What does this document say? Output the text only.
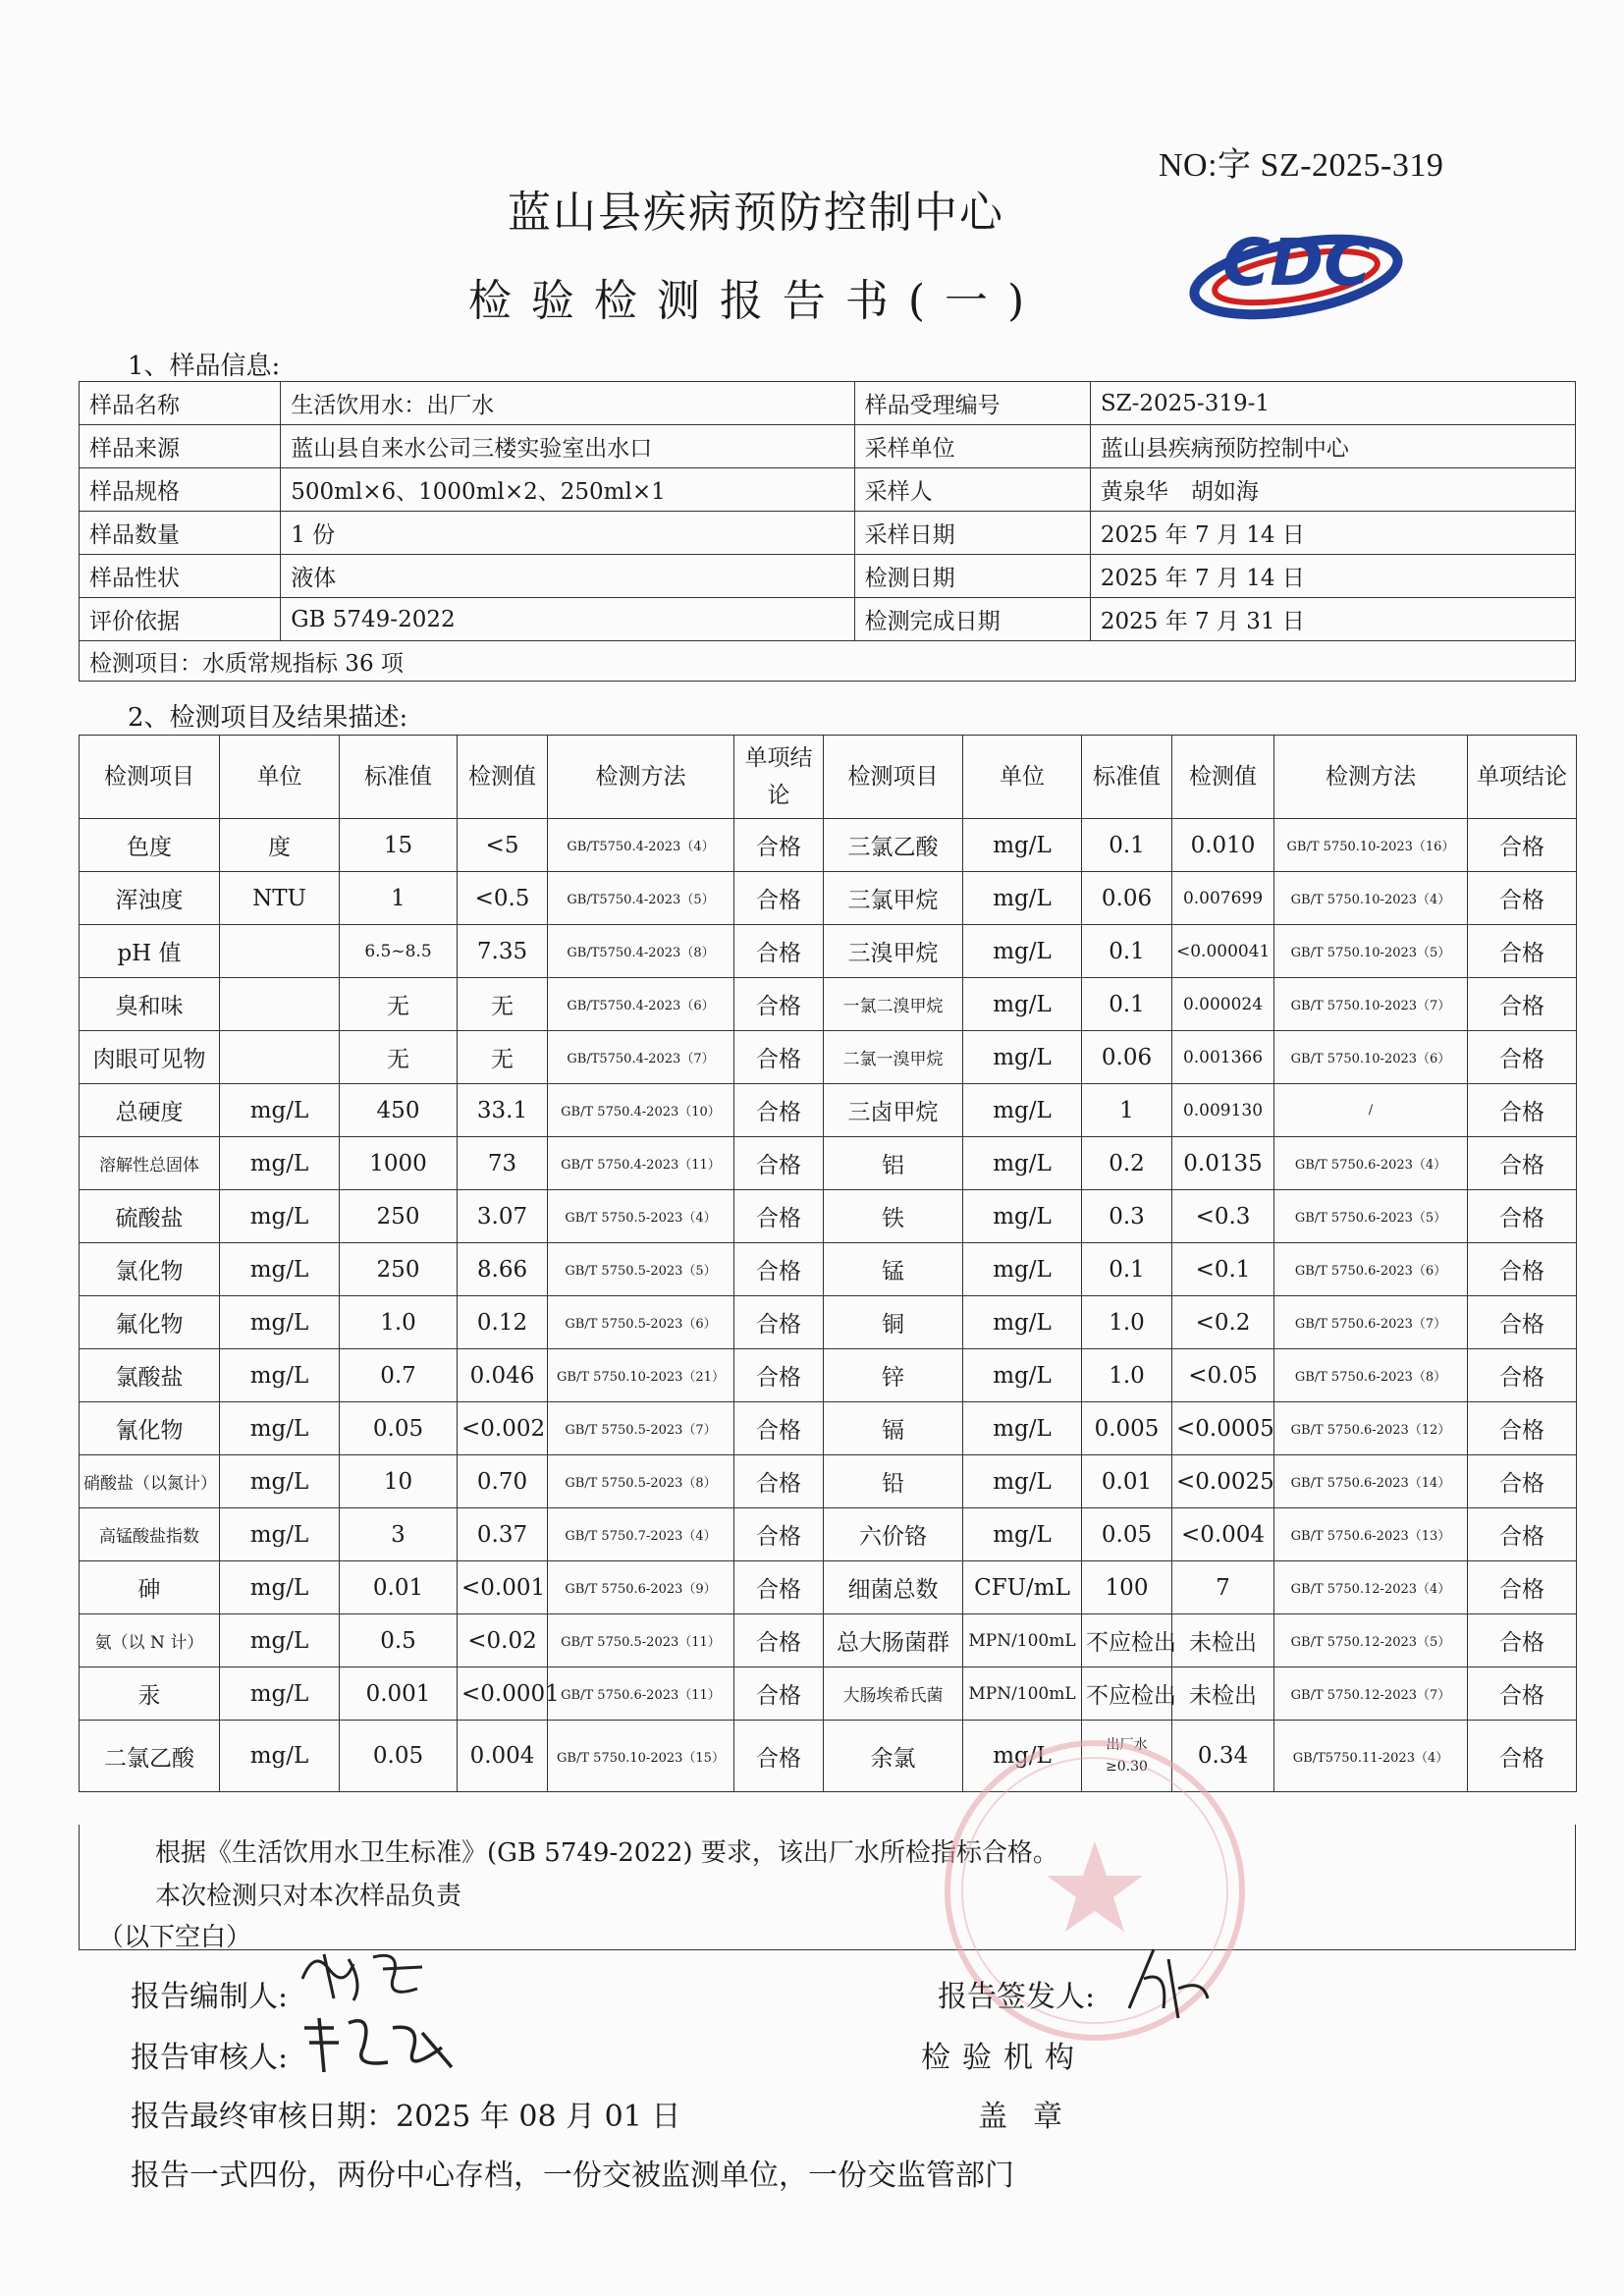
NO:字 SZ-2025-319
蓝山县疾病预防控制中心
检验检测报告书(一)
CDC
1、样品信息:
样品名称	生活饮用水：出厂水	样品受理编号	SZ-2025-319-1
样品来源	蓝山县自来水公司三楼实验室出水口	采样单位	蓝山县疾病预防控制中心
样品规格	500ml×6、1000ml×2、250ml×1	采样人	黄泉华　胡如海
样品数量	1 份	采样日期	2025 年 7 月 14 日
样品性状	液体	检测日期	2025 年 7 月 14 日
评价依据	GB 5749-2022	检测完成日期	2025 年 7 月 31 日
检测项目：水质常规指标 36 项			
2、检测项目及结果描述:
检测项目	单位	标准值	检测值	检测方法	单项结论	检测项目	单位	标准值	检测值	检测方法	单项结论
色度	度	15	<5	GB/T5750.4-2023（4）	合格	三氯乙酸	mg/L	0.1	0.010	GB/T 5750.10-2023（16）	合格
浑浊度	NTU	1	<0.5	GB/T5750.4-2023（5）	合格	三氯甲烷	mg/L	0.06	0.007699	GB/T 5750.10-2023（4）	合格
pH 值		6.5~8.5	7.35	GB/T5750.4-2023（8）	合格	三溴甲烷	mg/L	0.1	<0.000041	GB/T 5750.10-2023（5）	合格
臭和味		无	无	GB/T5750.4-2023（6）	合格	一氯二溴甲烷	mg/L	0.1	0.000024	GB/T 5750.10-2023（7）	合格
肉眼可见物		无	无	GB/T5750.4-2023（7）	合格	二氯一溴甲烷	mg/L	0.06	0.001366	GB/T 5750.10-2023（6）	合格
总硬度	mg/L	450	33.1	GB/T 5750.4-2023（10）	合格	三卤甲烷	mg/L	1	0.009130	/	合格
溶解性总固体	mg/L	1000	73	GB/T 5750.4-2023（11）	合格	铝	mg/L	0.2	0.0135	GB/T 5750.6-2023（4）	合格
硫酸盐	mg/L	250	3.07	GB/T 5750.5-2023（4）	合格	铁	mg/L	0.3	<0.3	GB/T 5750.6-2023（5）	合格
氯化物	mg/L	250	8.66	GB/T 5750.5-2023（5）	合格	锰	mg/L	0.1	<0.1	GB/T 5750.6-2023（6）	合格
氟化物	mg/L	1.0	0.12	GB/T 5750.5-2023（6）	合格	铜	mg/L	1.0	<0.2	GB/T 5750.6-2023（7）	合格
氯酸盐	mg/L	0.7	0.046	GB/T 5750.10-2023（21）	合格	锌	mg/L	1.0	<0.05	GB/T 5750.6-2023（8）	合格
氰化物	mg/L	0.05	<0.002	GB/T 5750.5-2023（7）	合格	镉	mg/L	0.005	<0.0005	GB/T 5750.6-2023（12）	合格
硝酸盐（以氮计）	mg/L	10	0.70	GB/T 5750.5-2023（8）	合格	铅	mg/L	0.01	<0.0025	GB/T 5750.6-2023（14）	合格
高锰酸盐指数	mg/L	3	0.37	GB/T 5750.7-2023（4）	合格	六价铬	mg/L	0.05	<0.004	GB/T 5750.6-2023（13）	合格
砷	mg/L	0.01	<0.001	GB/T 5750.6-2023（9）	合格	细菌总数	CFU/mL	100	7	GB/T 5750.12-2023（4）	合格
氨（以 N 计）	mg/L	0.5	<0.02	GB/T 5750.5-2023（11）	合格	总大肠菌群	MPN/100mL	不应检出	未检出	GB/T 5750.12-2023（5）	合格
汞	mg/L	0.001	<0.0001	GB/T 5750.6-2023（11）	合格	大肠埃希氏菌	MPN/100mL	不应检出	未检出	GB/T 5750.12-2023（7）	合格
二氯乙酸	mg/L	0.05	0.004	GB/T 5750.10-2023（15）	合格	余氯	mg/L	出厂水≥0.30	0.34	GB/T5750.11-2023（4）	合格
根据《生活饮用水卫生标准》(GB 5749-2022) 要求，该出厂水所检指标合格。
本次检测只对本次样品负责
（以下空白）
报告编制人:	报告签发人:
报告审核人:	检验机构
报告最终审核日期：2025 年 08 月 01 日	盖章
报告一式四份，两份中心存档，一份交被监测单位，一份交监管部门
